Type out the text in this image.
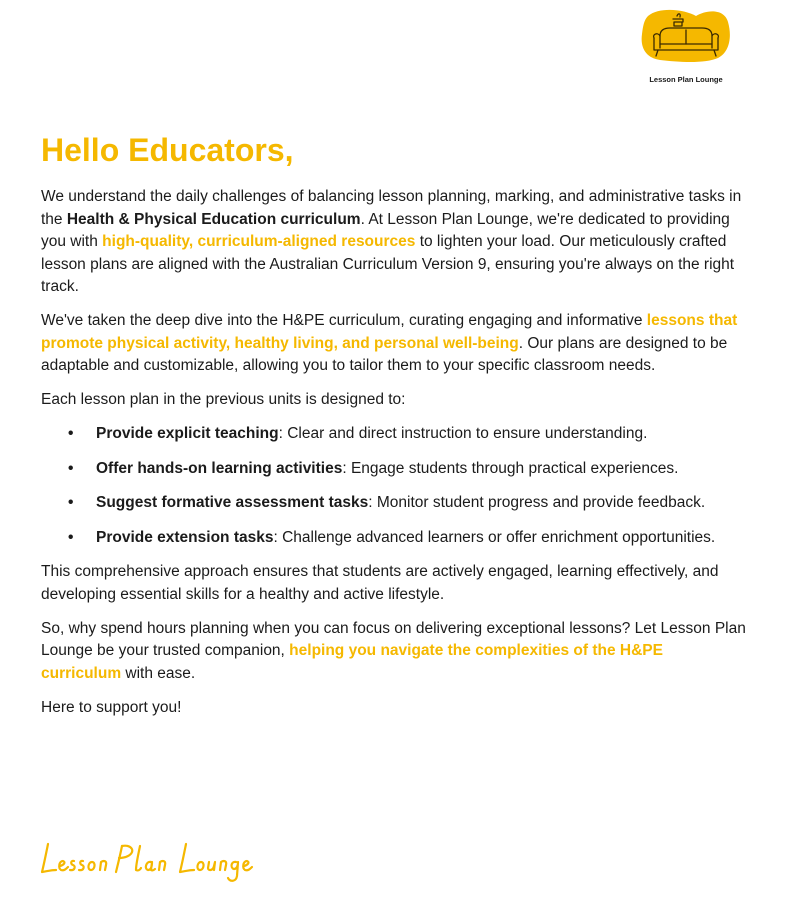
Lesson Plan Lounge
Hello Educators,

We understand the daily challenges of balancing lesson planning, marking, and administrative tasks in the Health & Physical Education curriculum. At Lesson Plan Lounge, we're dedicated to providing you with high-quality, curriculum-aligned resources to lighten your load. Our meticulously crafted lesson plans are aligned with the Australian Curriculum Version 9, ensuring you're always on the right track.

We've taken the deep dive into the H&PE curriculum, curating engaging and informative lessons that promote physical activity, healthy living, and personal well-being. Our plans are designed to be adaptable and customizable, allowing you to tailor them to your specific classroom needs.

Each lesson plan in the previous units is designed to:

• Provide explicit teaching: Clear and direct instruction to ensure understanding.
• Offer hands-on learning activities: Engage students through practical experiences.
• Suggest formative assessment tasks: Monitor student progress and provide feedback.
• Provide extension tasks: Challenge advanced learners or offer enrichment opportunities.

This comprehensive approach ensures that students are actively engaged, learning effectively, and developing essential skills for a healthy and active lifestyle.

So, why spend hours planning when you can focus on delivering exceptional lessons? Let Lesson Plan Lounge be your trusted companion, helping you navigate the complexities of the H&PE curriculum with ease.

Here to support you!
